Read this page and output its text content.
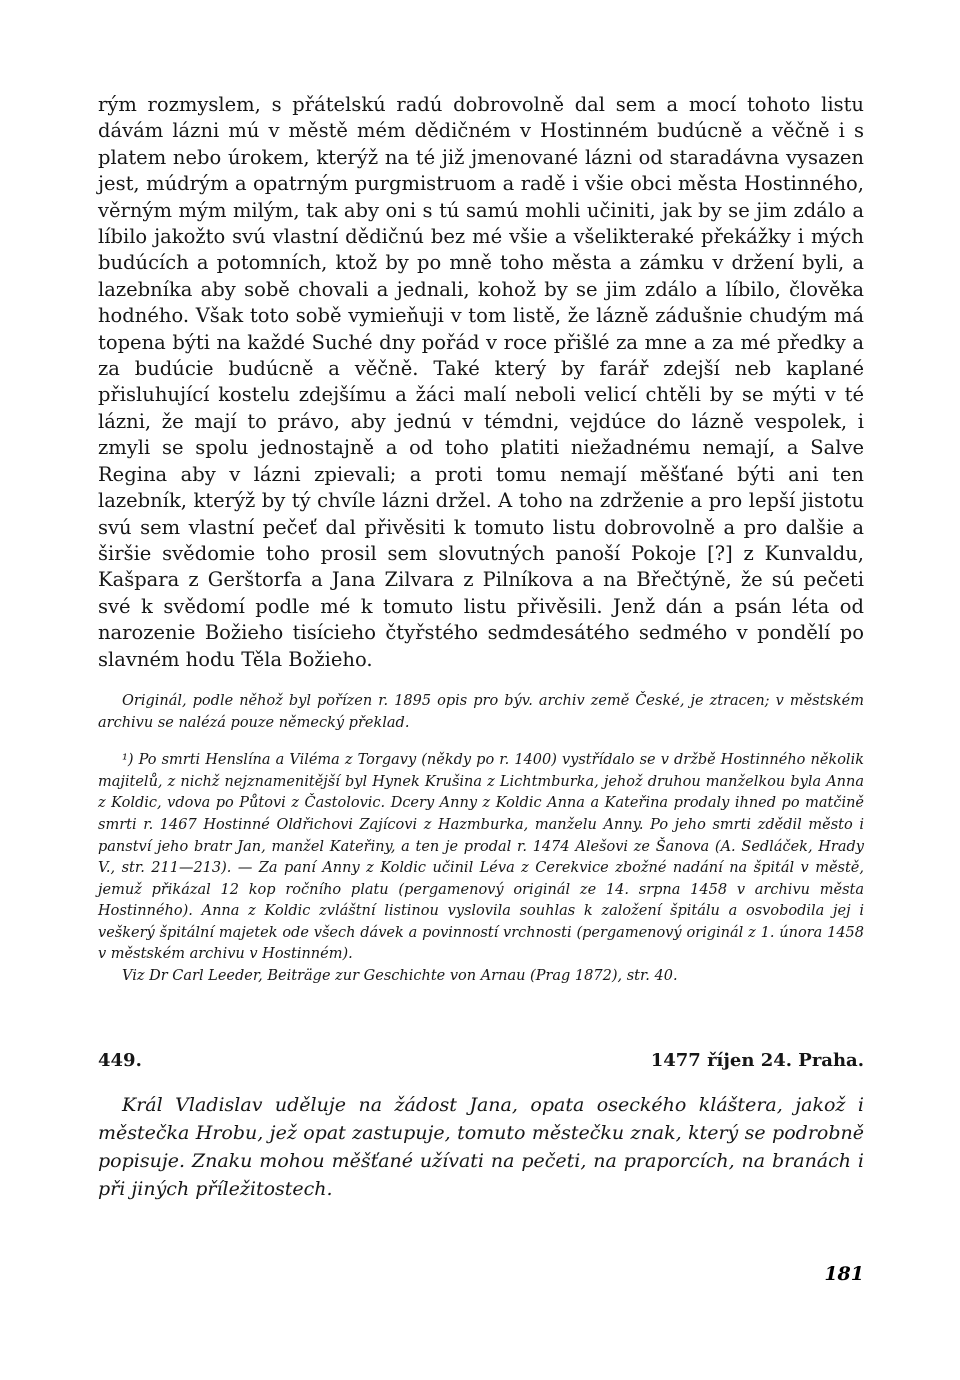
rým rozmyslem, s přátelskú radú dobrovolně dal sem a mocí tohoto listu dávám lázni mú v městě mém dědičném v Hostinném budúcně a věčně i s platem nebo úrokem, kterýž na té již jmenované lázni od staradávna vysazen jest, múdrým a opatrným purgmistruom a radě i všie obci města Hostinného, věrným mým milým, tak aby oni s tú samú mohli učiniti, jak by se jim zdálo a líbilo jakožto svú vlastní dědičnú bez mé všie a všelikteraké překážky i mých budúcích a potomních, ktož by po mně toho města a zámku v držení byli, a lazebníka aby sobě chovali a jednali, kohož by se jim zdálo a líbilo, člověka hodného. Však toto sobě vymieňuji v tom listě, že lázně zádušnie chudým má topena býti na každé Suché dny pořád v roce přišlé za mne a za mé předky a za budúcie budúcně a věčně. Také který by farář zdejší neb kaplané přisluhující kostelu zdejšímu a žáci malí neboli velicí chtěli by se mýti v té lázni, že mají to právo, aby jednú v témdni, vejdúce do lázně vespolek, i zmyli se spolu jednostajně a od toho platiti niežadnému nemají, a Salve Regina aby v lázni zpievali; a proti tomu nemají měšťané býti ani ten lazebník, kterýž by tý chvíle lázni držel. A toho na zdrženie a pro lepší jistotu svú sem vlastní pečeť dal přivěsiti k tomuto listu dobrovolně a pro dalšie a širšie svědomie toho prosil sem slovutných panoší Pokoje [?] z Kunvaldu, Kašpara z Gerštorfa a Jana Zilvara z Pilníkova a na Břečtýně, že sú pečeti své k svědomí podle mé k tomuto listu přivěsili. Jenž dán a psán léta od narozenie Božieho tisícieho čtyřstého sedmdesátého sedmého v pondělí po slavném hodu Těla Božieho.

Originál, podle něhož byl pořízen r. 1895 opis pro býv. archiv země České, je ztracen; v městském archivu se nalézá pouze německý překlad.

¹) Po smrti Henslína a Viléma z Torgavy (někdy po r. 1400) vystřídalo se v držbě Hostinného několik majitelů, z nichž nejznamenitější byl Hynek Krušina z Lichtmburka, jehož druhou manželkou byla Anna z Koldic, vdova po Půtovi z Častolovic. Dcery Anny z Koldic Anna a Kateřina prodaly ihned po matčině smrti r. 1467 Hostinné Oldřichovi Zajícovi z Hazmburka, manželu Anny. Po jeho smrti zdědil město i panství jeho bratr Jan, manžel Kateřiny, a ten je prodal r. 1474 Alešovi ze Šanova (A. Sedláček, Hrady V., str. 211—213). — Za paní Anny z Koldic učinil Léva z Cerekvice zbožné nadání na špitál v městě, jemuž přikázal 12 kop ročního platu (pergamenový originál ze 14. srpna 1458 v archivu města Hostinného). Anna z Koldic zvláštní listinou vyslovila souhlas k založení špitálu a osvobodila jej i veškerý špitální majetek ode všech dávek a povinností vrchnosti (pergamenový originál z 1. února 1458 v městském archivu v Hostinném).

Viz Dr Carl Leeder, Beiträge zur Geschichte von Arnau (Prag 1872), str. 40.

449.	1477 říjen 24. Praha.

Král Vladislav uděluje na žádost Jana, opata oseckého kláštera, jakož i městečka Hrobu, jež opat zastupuje, tomuto městečku znak, který se podrobně popisuje. Znaku mohou měšťané užívati na pečeti, na praporcích, na branách i při jiných příležitostech.

181
